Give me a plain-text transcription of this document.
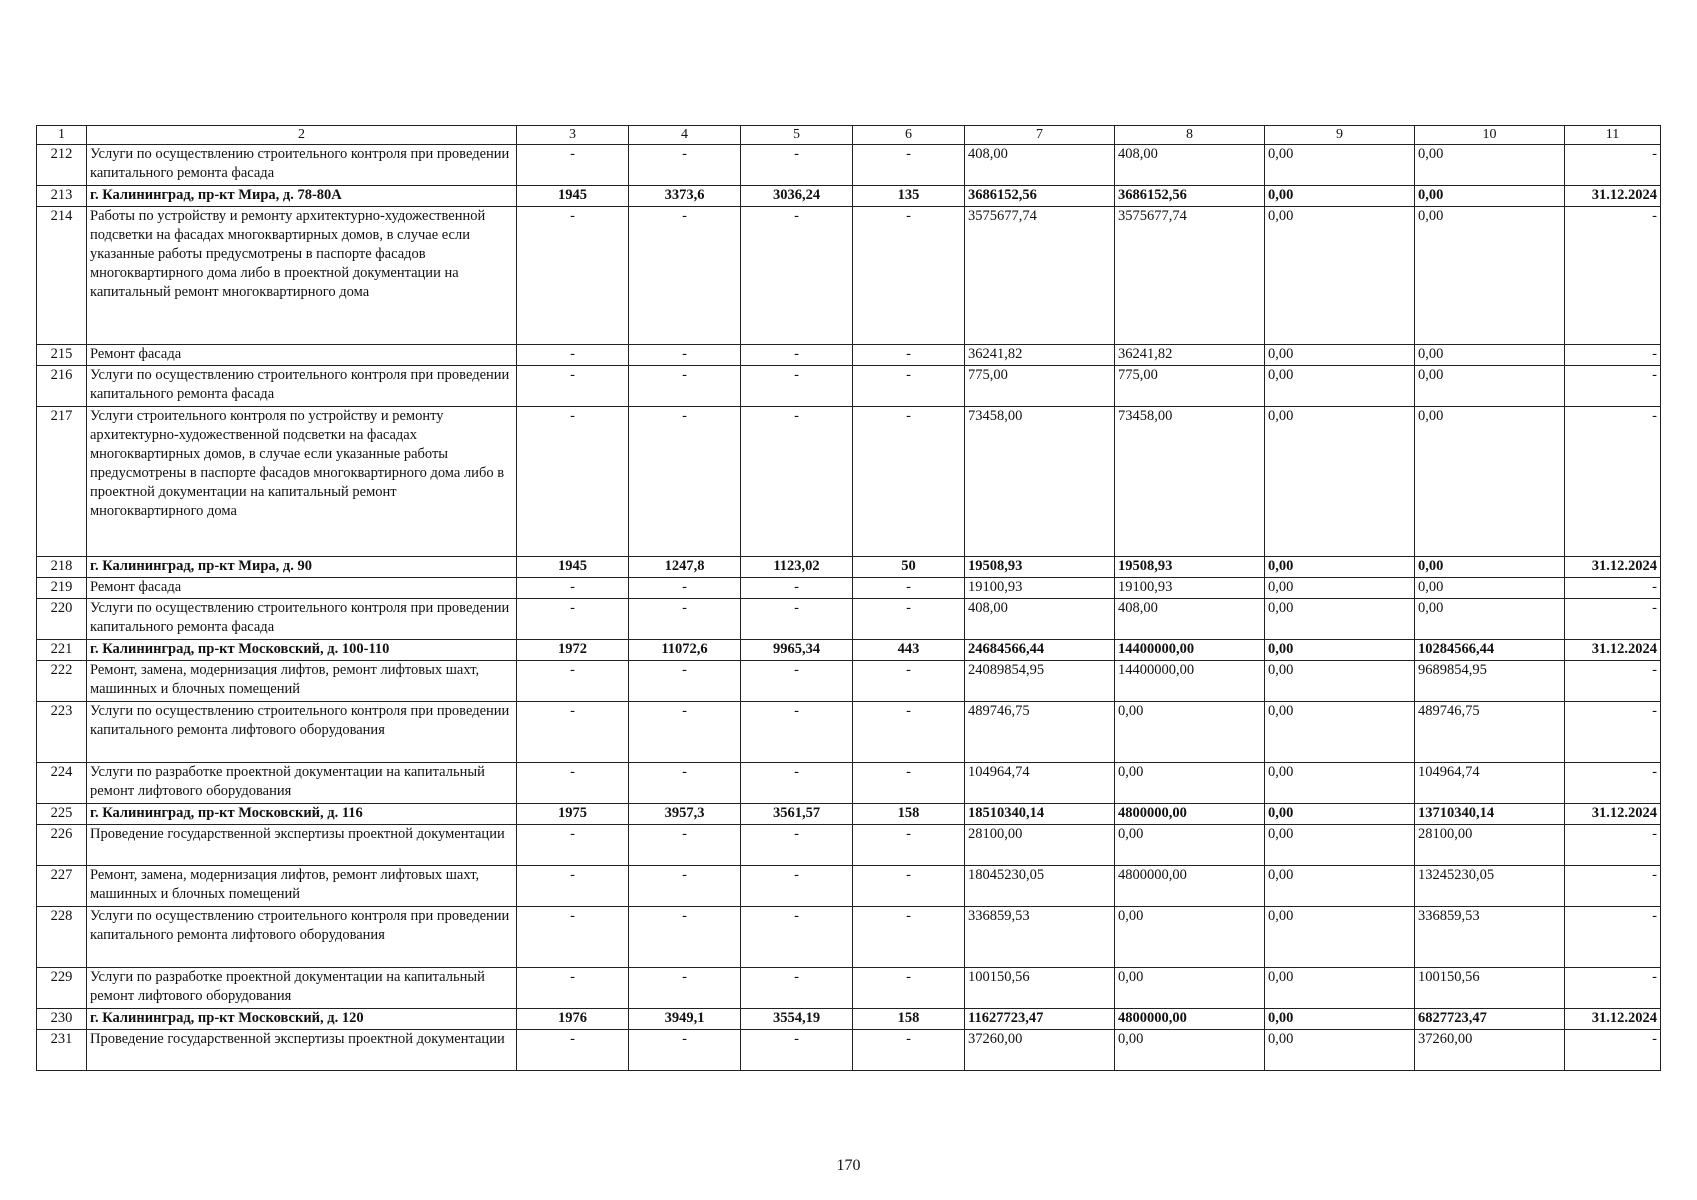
1	2	3	4	5	6	7	8	9	10	11
212	Услуги по осуществлению строительного контроля при проведении капитального ремонта фасада	-	-	-	-	408,00	408,00	0,00	0,00	-
213	г. Калининград, пр-кт Мира, д. 78-80А	1945	3373,6	3036,24	135	3686152,56	3686152,56	0,00	0,00	31.12.2024
214	Работы по устройству и ремонту архитектурно-художественной подсветки на фасадах многоквартирных домов, в случае если указанные работы предусмотрены в паспорте фасадов многоквартирного дома либо в проектной документации на капитальный ремонт многоквартирного дома	-	-	-	-	3575677,74	3575677,74	0,00	0,00	-
215	Ремонт фасада	-	-	-	-	36241,82	36241,82	0,00	0,00	-
216	Услуги по осуществлению строительного контроля при проведении капитального ремонта фасада	-	-	-	-	775,00	775,00	0,00	0,00	-
217	Услуги строительного контроля по устройству и ремонту архитектурно-художественной подсветки на фасадах многоквартирных домов, в случае если указанные работы предусмотрены в паспорте фасадов многоквартирного дома либо в проектной документации на капитальный ремонт многоквартирного дома	-	-	-	-	73458,00	73458,00	0,00	0,00	-
218	г. Калининград, пр-кт Мира, д. 90	1945	1247,8	1123,02	50	19508,93	19508,93	0,00	0,00	31.12.2024
219	Ремонт фасада	-	-	-	-	19100,93	19100,93	0,00	0,00	-
220	Услуги по осуществлению строительного контроля при проведении капитального ремонта фасада	-	-	-	-	408,00	408,00	0,00	0,00	-
221	г. Калининград, пр-кт Московский, д. 100-110	1972	11072,6	9965,34	443	24684566,44	14400000,00	0,00	10284566,44	31.12.2024
222	Ремонт, замена, модернизация лифтов, ремонт лифтовых шахт, машинных и блочных помещений	-	-	-	-	24089854,95	14400000,00	0,00	9689854,95	-
223	Услуги по осуществлению строительного контроля при проведении капитального ремонта лифтового оборудования	-	-	-	-	489746,75	0,00	0,00	489746,75	-
224	Услуги по разработке проектной документации на капитальный ремонт лифтового оборудования	-	-	-	-	104964,74	0,00	0,00	104964,74	-
225	г. Калининград, пр-кт Московский, д. 116	1975	3957,3	3561,57	158	18510340,14	4800000,00	0,00	13710340,14	31.12.2024
226	Проведение государственной экспертизы проектной документации	-	-	-	-	28100,00	0,00	0,00	28100,00	-
227	Ремонт, замена, модернизация лифтов, ремонт лифтовых шахт, машинных и блочных помещений	-	-	-	-	18045230,05	4800000,00	0,00	13245230,05	-
228	Услуги по осуществлению строительного контроля при проведении капитального ремонта лифтового оборудования	-	-	-	-	336859,53	0,00	0,00	336859,53	-
229	Услуги по разработке проектной документации на капитальный ремонт лифтового оборудования	-	-	-	-	100150,56	0,00	0,00	100150,56	-
230	г. Калининград, пр-кт Московский, д. 120	1976	3949,1	3554,19	158	11627723,47	4800000,00	0,00	6827723,47	31.12.2024
231	Проведение государственной экспертизы проектной документации	-	-	-	-	37260,00	0,00	0,00	37260,00	-
170
